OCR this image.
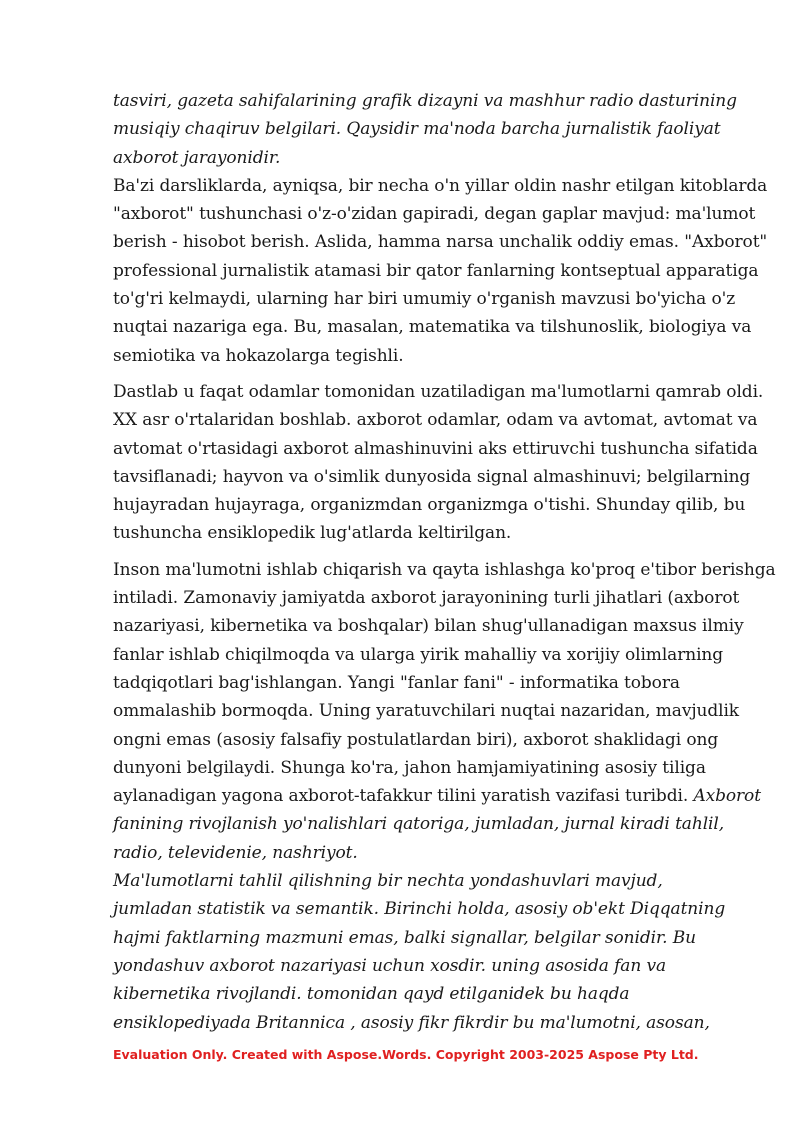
tasviri, gazeta sahifalarining grafik dizayni va mashhur radio dasturining
musiqiy chaqiruv belgilari. Qaysidir ma'noda barcha jurnalistik faoliyat
axborot jarayonidir.

Ba'zi darsliklarda, ayniqsa, bir necha o'n yillar oldin nashr etilgan kitoblarda
"axborot" tushunchasi o'z-o'zidan gapiradi, degan gaplar mavjud: ma'lumot
berish - hisobot berish. Aslida, hamma narsa unchalik oddiy emas. "Axborot"
professional jurnalistik atamasi bir qator fanlarning kontseptual apparatiga
to'g'ri kelmaydi, ularning har biri umumiy o'rganish mavzusi bo'yicha o'z
nuqtai nazariga ega. Bu, masalan, matematika va tilshunoslik, biologiya va
semiotika va hokazolarga tegishli.

Dastlab u faqat odamlar tomonidan uzatiladigan ma'lumotlarni qamrab oldi.
XX asr o'rtalaridan boshlab. axborot odamlar, odam va avtomat, avtomat va
avtomat o'rtasidagi axborot almashinuvini aks ettiruvchi tushuncha sifatida
tavsiflanadi; hayvon va o'simlik dunyosida signal almashinuvi; belgilarning
hujayradan hujayraga, organizmdan organizmga o'tishi. Shunday qilib, bu
tushuncha ensiklopedik lug'atlarda keltirilgan.

Inson ma'lumotni ishlab chiqarish va qayta ishlashga ko'proq e'tibor berishga
intiladi. Zamonaviy jamiyatda axborot jarayonining turli jihatlari (axborot
nazariyasi, kibernetika va boshqalar) bilan shug'ullanadigan maxsus ilmiy
fanlar ishlab chiqilmoqda va ularga yirik mahalliy va xorijiy olimlarning
tadqiqotlari bag'ishlangan. Yangi "fanlar fani" - informatika tobora
ommalashib bormoqda. Uning yaratuvchilari nuqtai nazaridan, mavjudlik
ongni emas (asosiy falsafiy postulatlardan biri), axborot shaklidagi ong
dunyoni belgilaydi. Shunga ko'ra, jahon hamjamiyatining asosiy tiliga
aylanadigan yagona axborot-tafakkur tilini yaratish vazifasi turibdi. Axborot
fanining rivojlanish yo'nalishlari qatoriga, jumladan, jurnal kiradi tahlil,
radio, televidenie, nashriyot.

Ma'lumotlarni tahlil qilishning bir nechta yondashuvlari mavjud,
jumladan statistik va semantik. Birinchi holda, asosiy ob'ekt Diqqatning
hajmi faktlarning mazmuni emas, balki signallar, belgilar sonidir. Bu
yondashuv axborot nazariyasi uchun xosdir. uning asosida fan va
kibernetika rivojlandi. tomonidan qayd etilganidek bu haqda
ensiklopediyada Britannica , asosiy fikr fikrdir bu ma'lumotni, asosan,

Evaluation Only. Created with Aspose.Words. Copyright 2003-2025 Aspose Pty Ltd.
